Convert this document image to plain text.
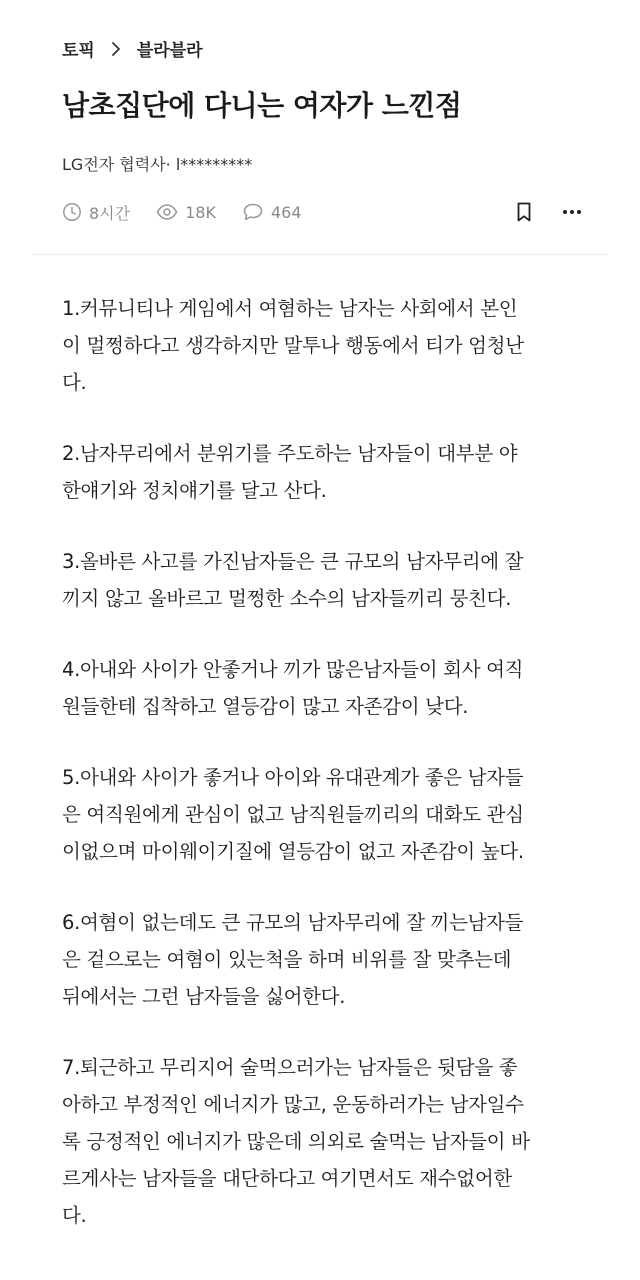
토픽 블라블라
남초집단에 다니는 여자가 느낀점
LG전자 협력사· l*********
8시간	18K	464

1.커뮤니티나 게임에서 여혐하는 남자는 사회에서 본인
이 멀쩡하다고 생각하지만 말투나 행동에서 티가 엄청난
다.

2.남자무리에서 분위기를 주도하는 남자들이 대부분 야
한얘기와 정치얘기를 달고 산다.

3.올바른 사고를 가진남자들은 큰 규모의 남자무리에 잘
끼지 않고 올바르고 멀쩡한 소수의 남자들끼리 뭉친다.

4.아내와 사이가 안좋거나 끼가 많은남자들이 회사 여직
원들한테 집착하고 열등감이 많고 자존감이 낮다.

5.아내와 사이가 좋거나 아이와 유대관계가 좋은 남자들
은 여직원에게 관심이 없고 남직원들끼리의 대화도 관심
이없으며 마이웨이기질에 열등감이 없고 자존감이 높다.

6.여혐이 없는데도 큰 규모의 남자무리에 잘 끼는남자들
은 겉으로는 여혐이 있는척을 하며 비위를 잘 맞추는데
뒤에서는 그런 남자들을 싫어한다.

7.퇴근하고 무리지어 술먹으러가는 남자들은 뒷담을 좋
아하고 부정적인 에너지가 많고, 운동하러가는 남자일수
록 긍정적인 에너지가 많은데 의외로 술먹는 남자들이 바
르게사는 남자들을 대단하다고 여기면서도 재수없어한
다.
